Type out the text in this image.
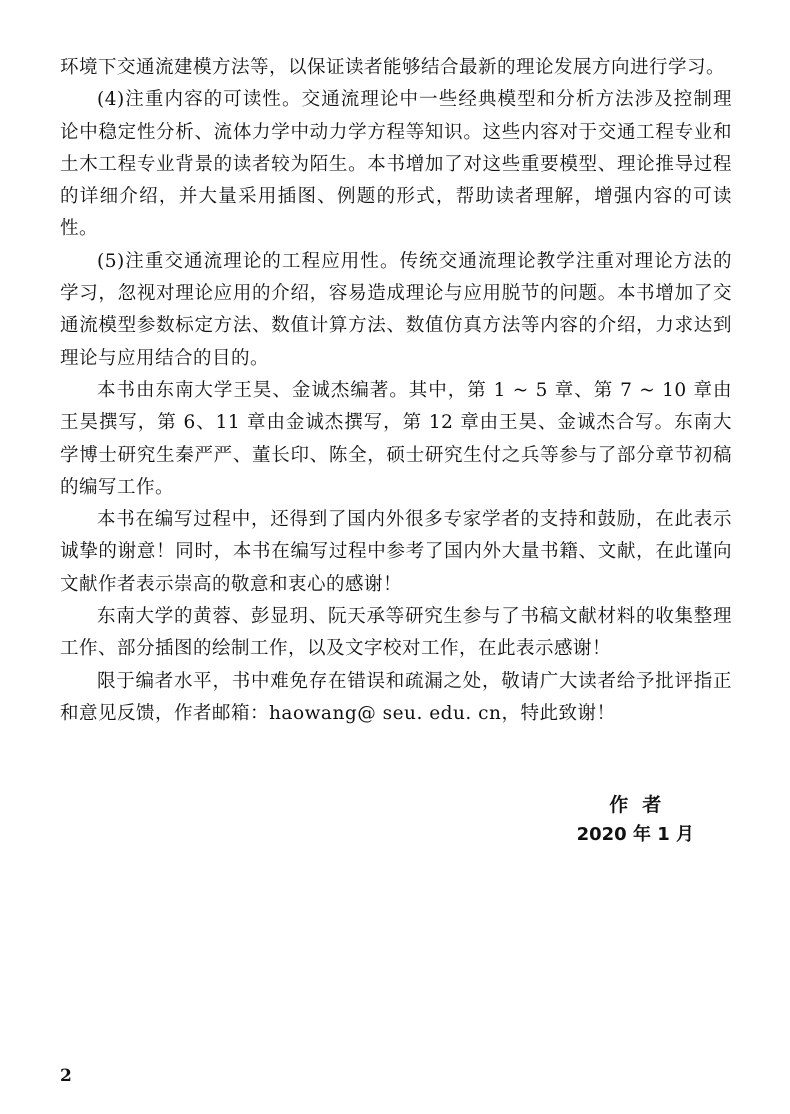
环境下交通流建模方法等，以保证读者能够结合最新的理论发展方向进行学习。

(4)注重内容的可读性。交通流理论中一些经典模型和分析方法涉及控制理论中稳定性分析、流体力学中动力学方程等知识。这些内容对于交通工程专业和土木工程专业背景的读者较为陌生。本书增加了对这些重要模型、理论推导过程的详细介绍，并大量采用插图、例题的形式，帮助读者理解，增强内容的可读性。

(5)注重交通流理论的工程应用性。传统交通流理论教学注重对理论方法的学习，忽视对理论应用的介绍，容易造成理论与应用脱节的问题。本书增加了交通流模型参数标定方法、数值计算方法、数值仿真方法等内容的介绍，力求达到理论与应用结合的目的。

本书由东南大学王昊、金诚杰编著。其中，第 1 ~ 5 章、第 7 ~ 10 章由王昊撰写，第 6、11 章由金诚杰撰写，第 12 章由王昊、金诚杰合写。东南大学博士研究生秦严严、董长印、陈全，硕士研究生付之兵等参与了部分章节初稿的编写工作。

本书在编写过程中，还得到了国内外很多专家学者的支持和鼓励，在此表示诚挚的谢意！同时，本书在编写过程中参考了国内外大量书籍、文献，在此谨向文献作者表示崇高的敬意和衷心的感谢！

东南大学的黄蓉、彭显玥、阮天承等研究生参与了书稿文献材料的收集整理工作、部分插图的绘制工作，以及文字校对工作，在此表示感谢！

限于编者水平，书中难免存在错误和疏漏之处，敬请广大读者给予批评指正和意见反馈，作者邮箱：haowang@ seu. edu. cn，特此致谢！

作者
2020 年 1 月
2
